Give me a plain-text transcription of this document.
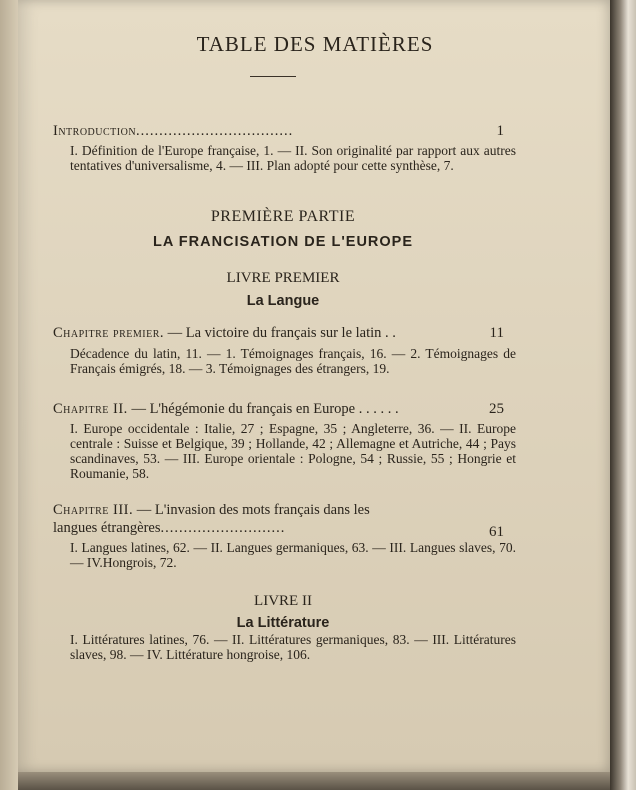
TABLE DES MATIÈRES
Introduction..................................	1
I. Définition de l'Europe française, 1. — II. Son originalité par rapport aux autres tentatives d'universalisme, 4. — III. Plan adopté pour cette synthèse, 7.
PREMIÈRE PARTIE
LA FRANCISATION DE L'EUROPE
LIVRE PREMIER
La Langue
Chapitre premier. — La victoire du français sur le latin . .	11
Décadence du latin, 11. — 1. Témoignages français, 16. — 2. Témoignages de Français émigrés, 18. — 3. Témoignages des étrangers, 19.
Chapitre II. — L'hégémonie du français en Europe . . . . . .	25
I. Europe occidentale : Italie, 27 ; Espagne, 35 ; Angleterre, 36. — II. Europe centrale : Suisse et Belgique, 39 ; Hollande, 42 ; Allemagne et Autriche, 44 ; Pays scandinaves, 53. — III. Europe orientale : Pologne, 54 ; Russie, 55 ; Hongrie et Roumanie, 58.
Chapitre III. — L'invasion des mots français dans les
langues étrangères...........................	61
I. Langues latines, 62. — II. Langues germaniques, 63. — III. Langues slaves, 70. — IV.Hongrois, 72.
LIVRE II
La Littérature
I. Littératures latines, 76. — II. Littératures germaniques, 83. — III. Littératures slaves, 98. — IV. Littérature hongroise, 106.
